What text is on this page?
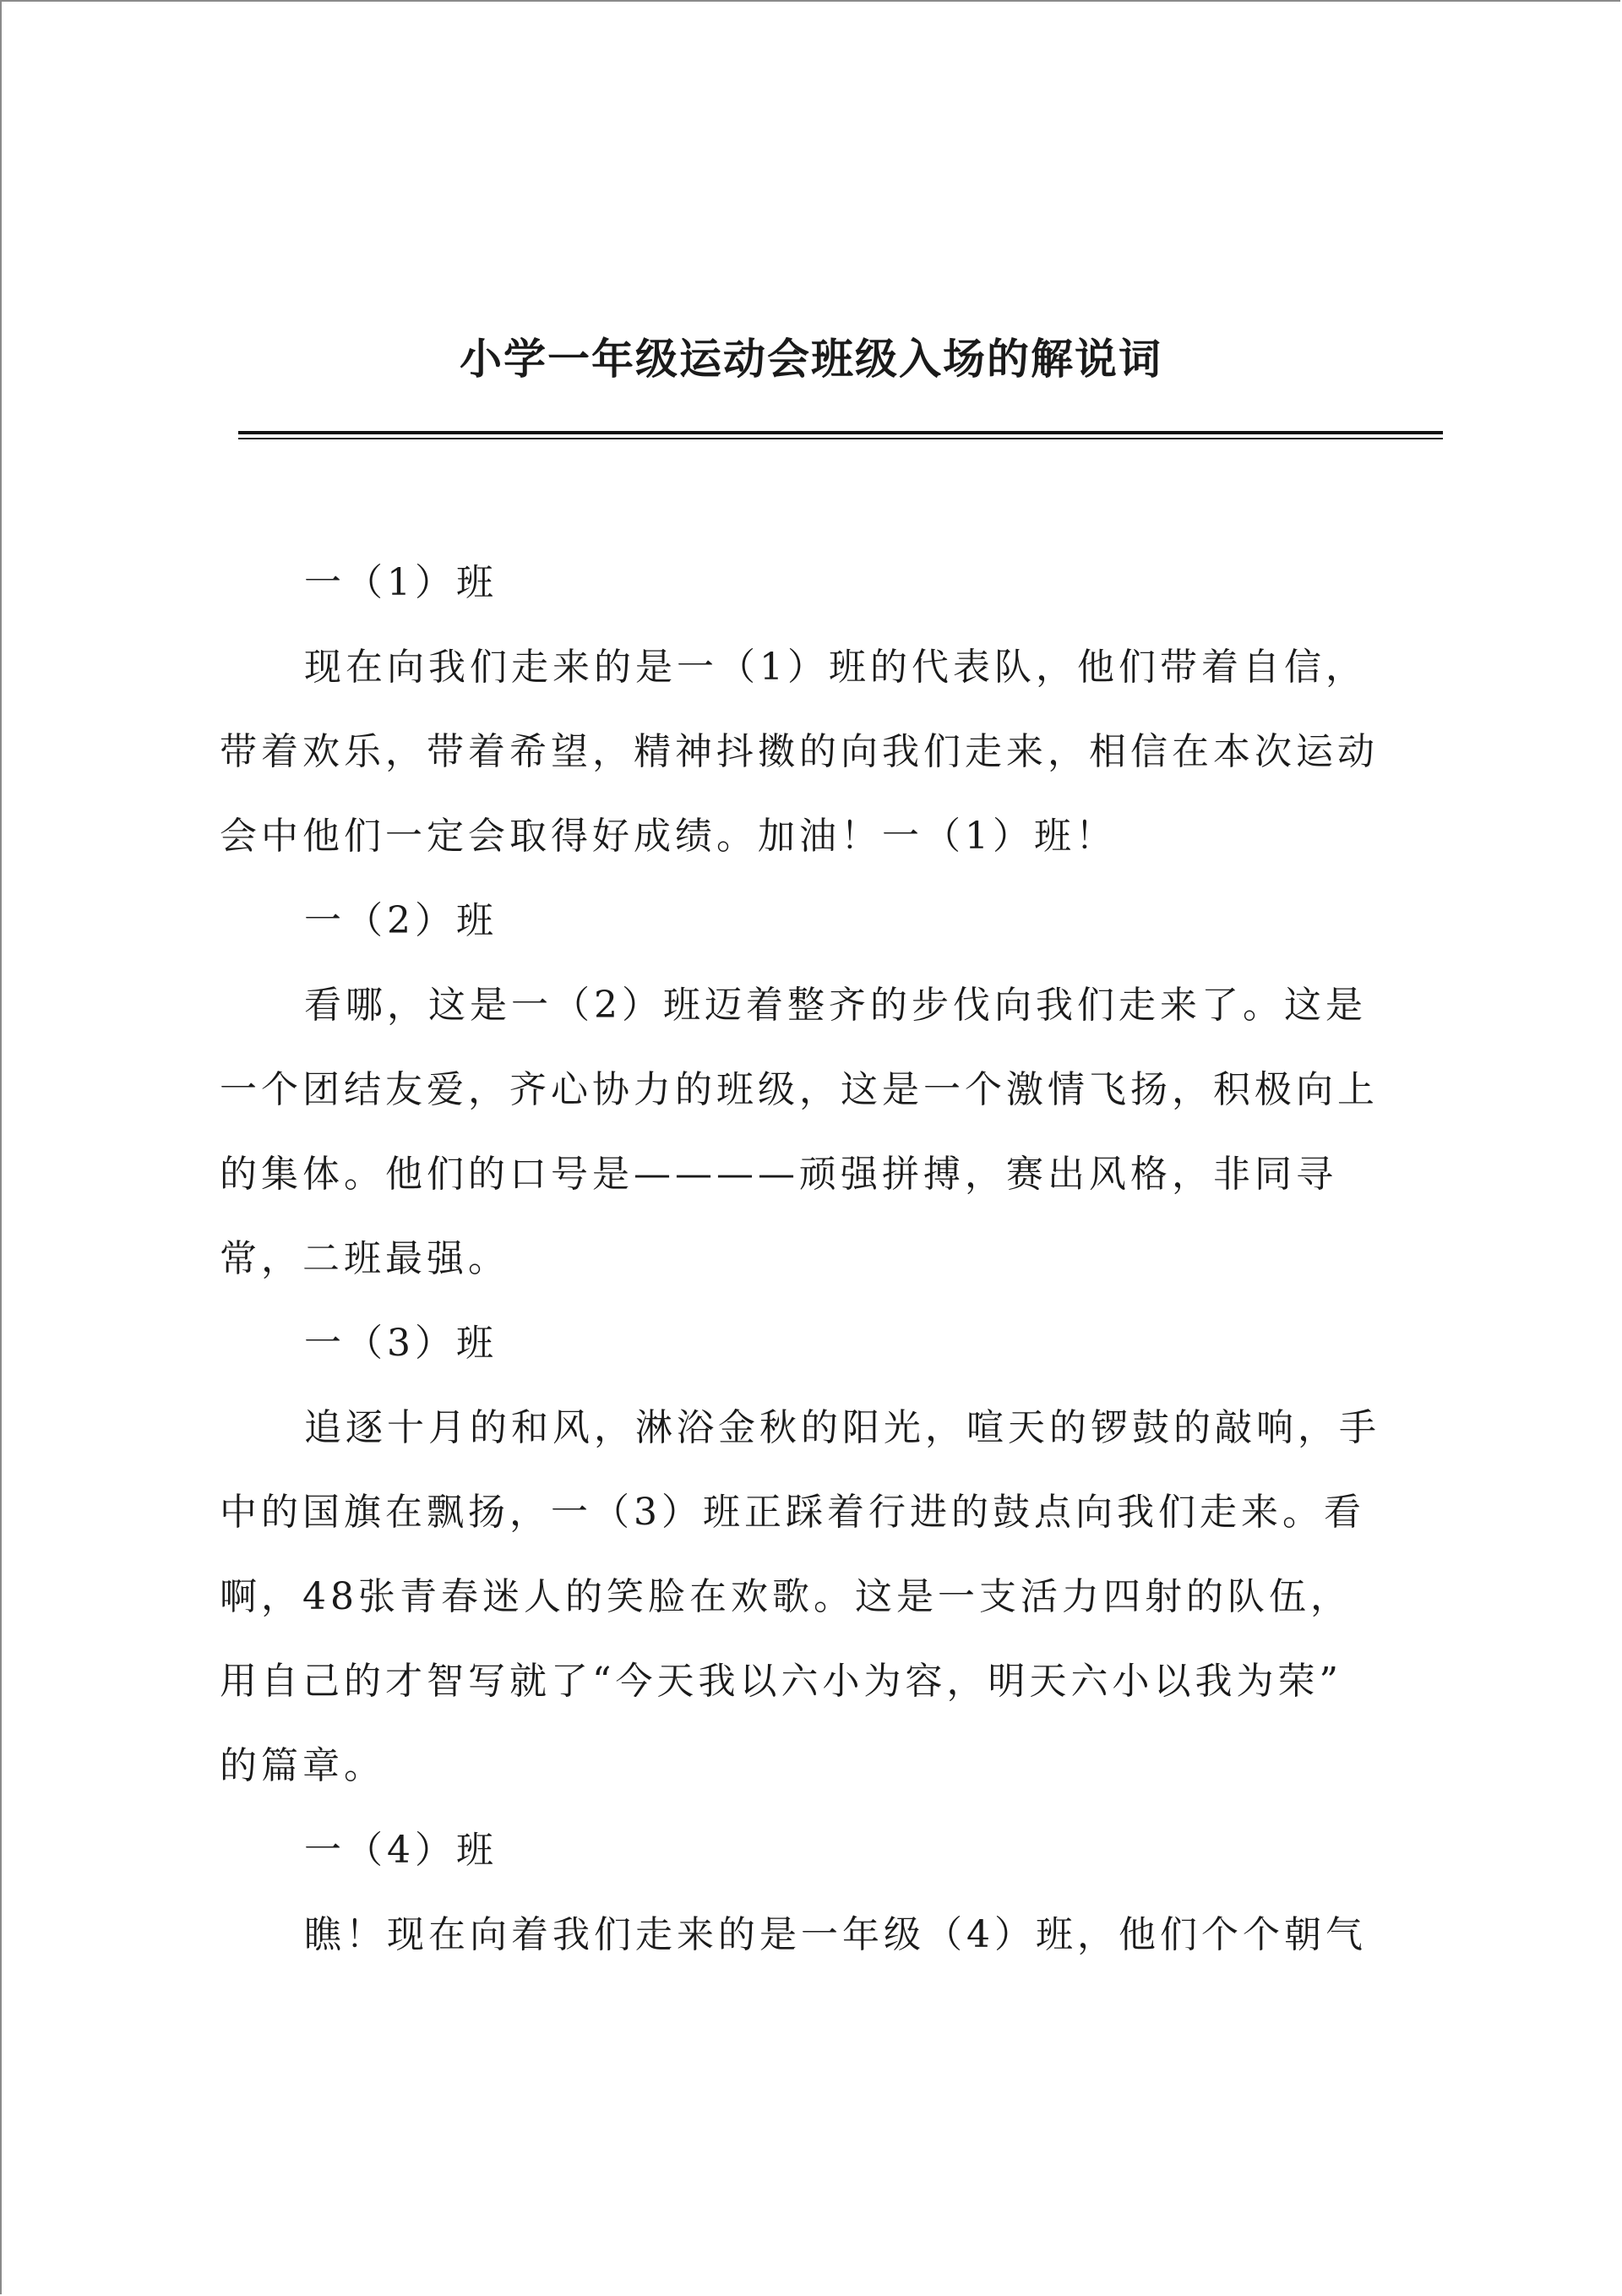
小学一年级运动会班级入场的解说词
一（1）班
现在向我们走来的是一（1）班的代表队，他们带着自信，
带着欢乐，带着希望，精神抖擞的向我们走来，相信在本次运动
会中他们一定会取得好成绩。加油！一（1）班！
一（2）班
看哪，这是一（2）班迈着整齐的步伐向我们走来了。这是
一个团结友爱，齐心协力的班级，这是一个激情飞扬，积极向上
的集体。他们的口号是————顽强拼搏，赛出风格，非同寻
常，二班最强。
一（3）班
追逐十月的和风，淋浴金秋的阳光，喧天的锣鼓的敲响，手
中的国旗在飘扬，一（3）班正踩着行进的鼓点向我们走来。看
啊，48张青春迷人的笑脸在欢歌。这是一支活力四射的队伍，
用自己的才智写就了“今天我以六小为容，明天六小以我为荣”
的篇章。
一（4）班
瞧！现在向着我们走来的是一年级（4）班，他们个个朝气
